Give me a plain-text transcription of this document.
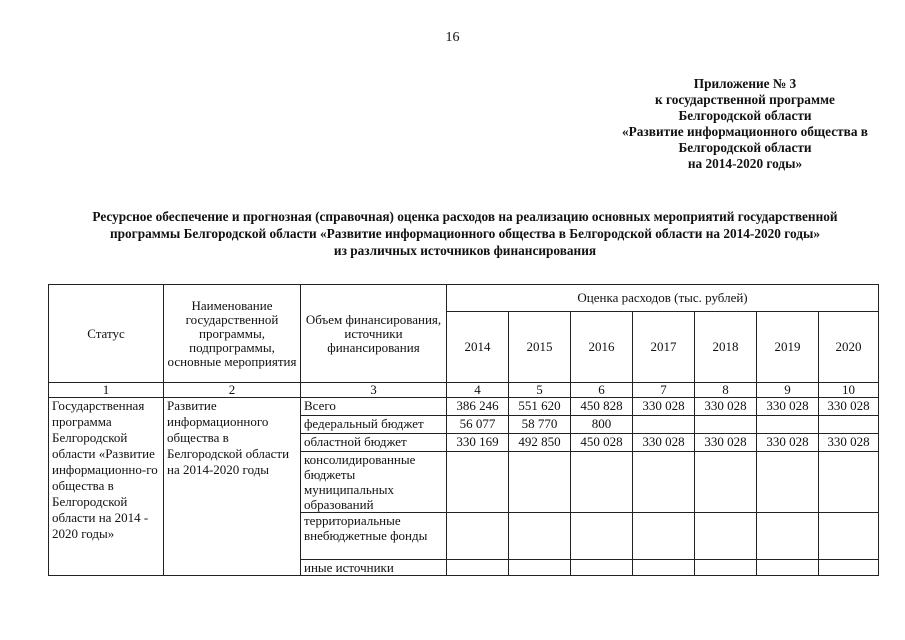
16
Приложение № 3
к государственной программе
Белгородской области
«Развитие информационного общества в
Белгородской области
на 2014-2020 годы»
Ресурсное обеспечение и прогнозная (справочная) оценка расходов на реализацию основных мероприятий государственной
программы Белгородской области «Развитие информационного общества в Белгородской области на 2014-2020 годы»
из различных источников финансирования
Статус	Наименование государственной программы, подпрограммы, основные мероприятия	Объем финансирования, источники финансирования	Оценка расходов (тыс. рублей)						
			2014	2015	2016	2017	2018	2019	2020
1	2	3	4	5	6	7	8	9	10
Государственная программа Белгородской области «Развитие информационно-го общества в Белгородской области на 2014 - 2020 годы»	Развитие информационного общества в Белгородской области на 2014-2020 годы	Всего	386 246	551 620	450 828	330 028	330 028	330 028	330 028
		федеральный бюджет	56 077	58 770	800				
		областной бюджет	330 169	492 850	450 028	330 028	330 028	330 028	330 028
		консолидированные бюджеты муниципальных образований							
		территориальные внебюджетные фонды							
		иные источники							
